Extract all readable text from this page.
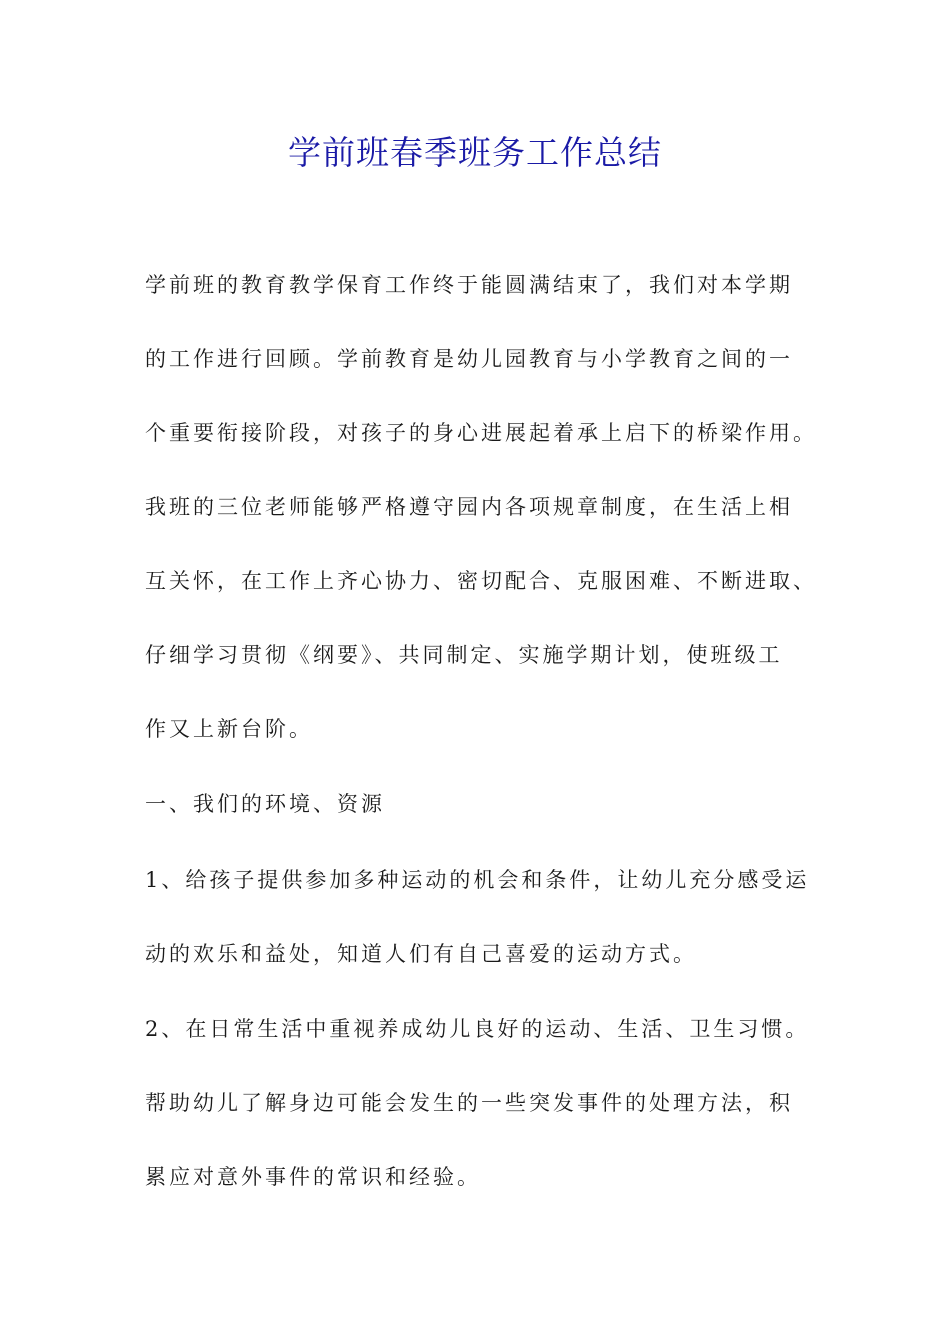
学前班春季班务工作总结

学前班的教育教学保育工作终于能圆满结束了，我们对本学期

的工作进行回顾。学前教育是幼儿园教育与小学教育之间的一

个重要衔接阶段，对孩子的身心进展起着承上启下的桥梁作用。

我班的三位老师能够严格遵守园内各项规章制度，在生活上相

互关怀，在工作上齐心协力、密切配合、克服困难、不断进取、

仔细学习贯彻《纲要》、共同制定、实施学期计划，使班级工

作又上新台阶。

一、我们的环境、资源

1、给孩子提供参加多种运动的机会和条件，让幼儿充分感受运

动的欢乐和益处，知道人们有自己喜爱的运动方式。

2、在日常生活中重视养成幼儿良好的运动、生活、卫生习惯。

帮助幼儿了解身边可能会发生的一些突发事件的处理方法，积

累应对意外事件的常识和经验。
